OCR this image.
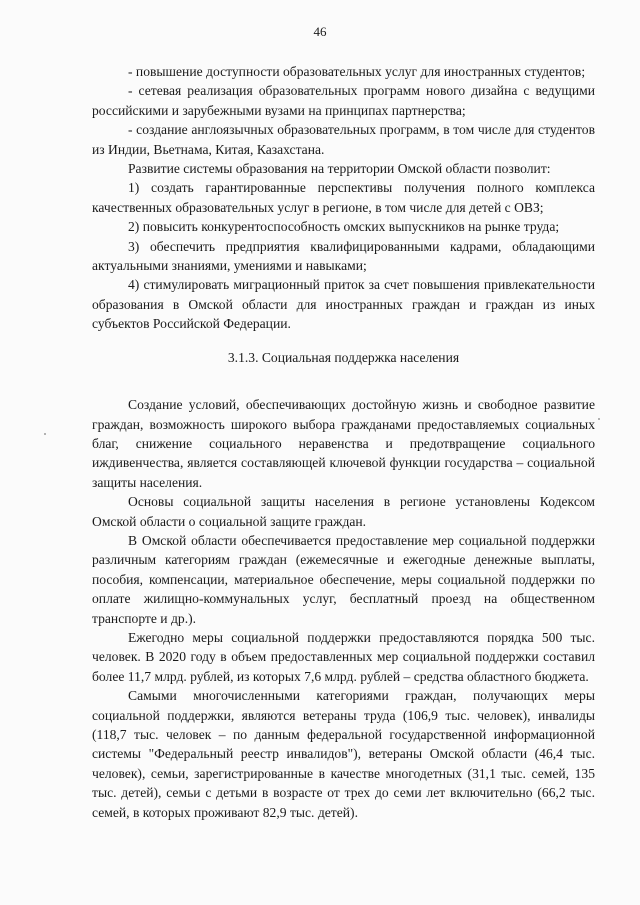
46

- повышение доступности образовательных услуг для иностранных студентов;

- сетевая реализация образовательных программ нового дизайна с ведущими российскими и зарубежными вузами на принципах партнерства;

- создание англоязычных образовательных программ, в том числе для студентов из Индии, Вьетнама, Китая, Казахстана.

Развитие системы образования на территории Омской области позволит:

1) создать гарантированные перспективы получения полного комплекса качественных образовательных услуг в регионе, в том числе для детей с ОВЗ;

2) повысить конкурентоспособность омских выпускников на рынке труда;

3) обеспечить предприятия квалифицированными кадрами, обладающими актуальными знаниями, умениями и навыками;

4) стимулировать миграционный приток за счет повышения привлекательности образования в Омской области для иностранных граждан и граждан из иных субъектов Российской Федерации.

3.1.3. Социальная поддержка населения

Создание условий, обеспечивающих достойную жизнь и свободное развитие граждан, возможность широкого выбора гражданами предоставляемых социальных благ, снижение социального неравенства и предотвращение социального иждивенчества, является составляющей ключевой функции государства – социальной защиты населения.

Основы социальной защиты населения в регионе установлены Кодексом Омской области о социальной защите граждан.

В Омской области обеспечивается предоставление мер социальной поддержки различным категориям граждан (ежемесячные и ежегодные денежные выплаты, пособия, компенсации, материальное обеспечение, меры социальной поддержки по оплате жилищно-коммунальных услуг, бесплатный проезд на общественном транспорте и др.).

Ежегодно меры социальной поддержки предоставляются порядка 500 тыс. человек. В 2020 году в объем предоставленных мер социальной поддержки составил более 11,7 млрд. рублей, из которых 7,6 млрд. рублей – средства областного бюджета.

Самыми многочисленными категориями граждан, получающих меры социальной поддержки, являются ветераны труда (106,9 тыс. человек), инвалиды (118,7 тыс. человек – по данным федеральной государственной информационной системы "Федеральный реестр инвалидов"), ветераны Омской области (46,4 тыс. человек), семьи, зарегистрированные в качестве многодетных (31,1 тыс. семей, 135 тыс. детей), семьи с детьми в возрасте от трех до семи лет включительно (66,2 тыс. семей, в которых проживают 82,9 тыс. детей).
